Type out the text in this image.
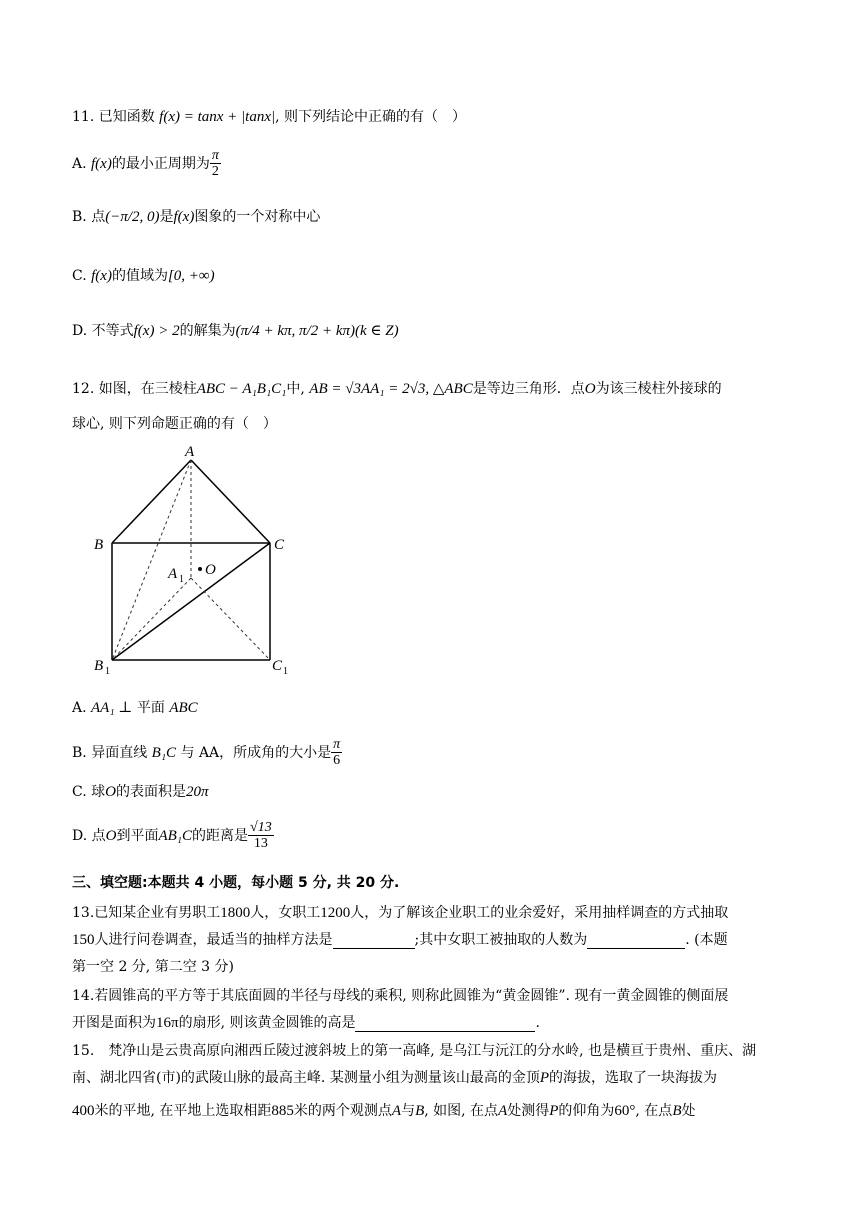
11. 已知函数 f(x) = tanx + |tanx|, 则下列结论中正确的有（　）
A. f(x)的最小正周期为 $\frac{\pi}{2}$
B. 点(−π/2, 0)是f(x)图象的一个对称中心
C. f(x)的值域为[0, +∞)
D. 不等式f(x) > 2的解集为(π/4 + kπ, π/2 + kπ)(k ∈ Z)
12. 如图，在三棱柱ABC − A₁B₁C₁中, AB = √3AA₁ = 2√3, △ABC是等边三角形．点O为该三棱柱外接球的
球心, 则下列命题正确的有（　）
A
B	C
A 1
O
B 1	C 1
A. AA₁ ⊥ 平面 ABC
B. 异面直线 B₁C 与 AA，所成角的大小是 $\frac{\pi}{6}$
C. 球O的表面积是20π
D. 点O到平面AB₁C的距离是 $\frac{√13}{13}$
三、填空题:本题共 4 小题，每小题 5 分, 共 20 分.
13.已知某企业有男职工1800人，女职工1200人，为了解该企业职工的业余爱好，采用抽样调查的方式抽取
150人进行问卷调查，最适当的抽样方法是	;其中女职工被抽取的人数为	. (本题
第一空 2 分, 第二空 3 分)
14.若圆锥高的平方等于其底面圆的半径与母线的乘积, 则称此圆锥为“黄金圆锥”. 现有一黄金圆锥的侧面展
开图是面积为16π的扇形, 则该黄金圆锥的高是	.
15.　梵净山是云贵高原向湘西丘陵过渡斜坡上的第一高峰, 是乌江与沅江的分水岭, 也是横亘于贵州、重庆、湖
南、湖北四省(市)的武陵山脉的最高主峰. 某测量小组为测量该山最高的金顶P的海拔，选取了一块海拔为
400米的平地, 在平地上选取相距885米的两个观测点A与B, 如图, 在点A处测得P的仰角为60°, 在点B处
